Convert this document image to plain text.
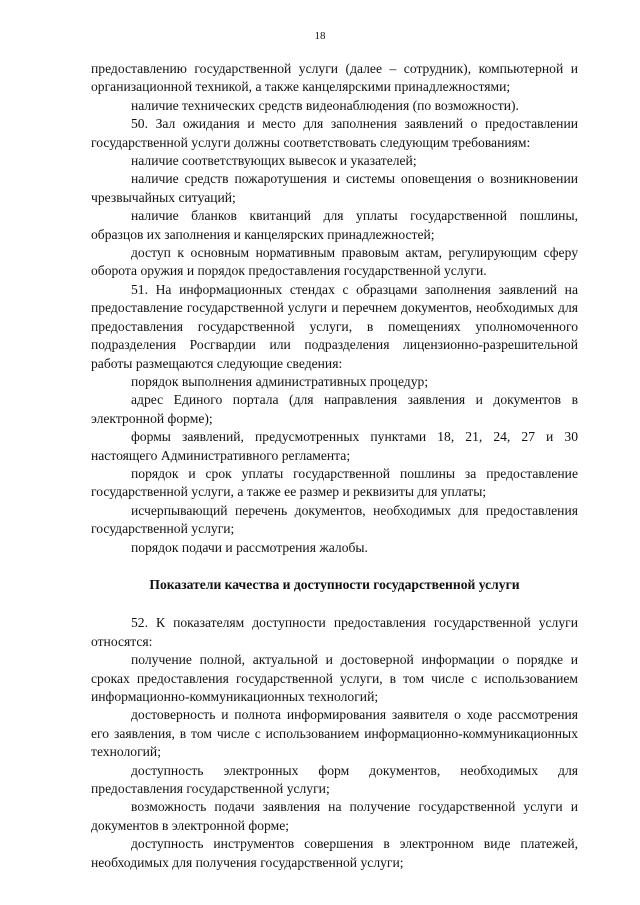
18

предоставлению государственной услуги (далее – сотрудник), компьютерной и организационной техникой, а также канцелярскими принадлежностями;

наличие технических средств видеонаблюдения (по возможности).

50. Зал ожидания и место для заполнения заявлений о предоставлении государственной услуги должны соответствовать следующим требованиям:

наличие соответствующих вывесок и указателей;

наличие средств пожаротушения и системы оповещения о возникновении чрезвычайных ситуаций;

наличие бланков квитанций для уплаты государственной пошлины, образцов их заполнения и канцелярских принадлежностей;

доступ к основным нормативным правовым актам, регулирующим сферу оборота оружия и порядок предоставления государственной услуги.

51. На информационных стендах с образцами заполнения заявлений на предоставление государственной услуги и перечнем документов, необходимых для предоставления государственной услуги, в помещениях уполномоченного подразделения Росгвардии или подразделения лицензионно-разрешительной работы размещаются следующие сведения:

порядок выполнения административных процедур;

адрес Единого портала (для направления заявления и документов в электронной форме);

формы заявлений, предусмотренных пунктами 18, 21, 24, 27 и 30 настоящего Административного регламента;

порядок и срок уплаты государственной пошлины за предоставление государственной услуги, а также ее размер и реквизиты для уплаты;

исчерпывающий перечень документов, необходимых для предоставления государственной услуги;

порядок подачи и рассмотрения жалобы.

Показатели качества и доступности государственной услуги

52. К показателям доступности предоставления государственной услуги относятся:

получение полной, актуальной и достоверной информации о порядке и сроках предоставления государственной услуги, в том числе с использованием информационно-коммуникационных технологий;

достоверность и полнота информирования заявителя о ходе рассмотрения его заявления, в том числе с использованием информационно-коммуникационных технологий;

доступность электронных форм документов, необходимых для предоставления государственной услуги;

возможность подачи заявления на получение государственной услуги и документов в электронной форме;

доступность инструментов совершения в электронном виде платежей, необходимых для получения государственной услуги;
